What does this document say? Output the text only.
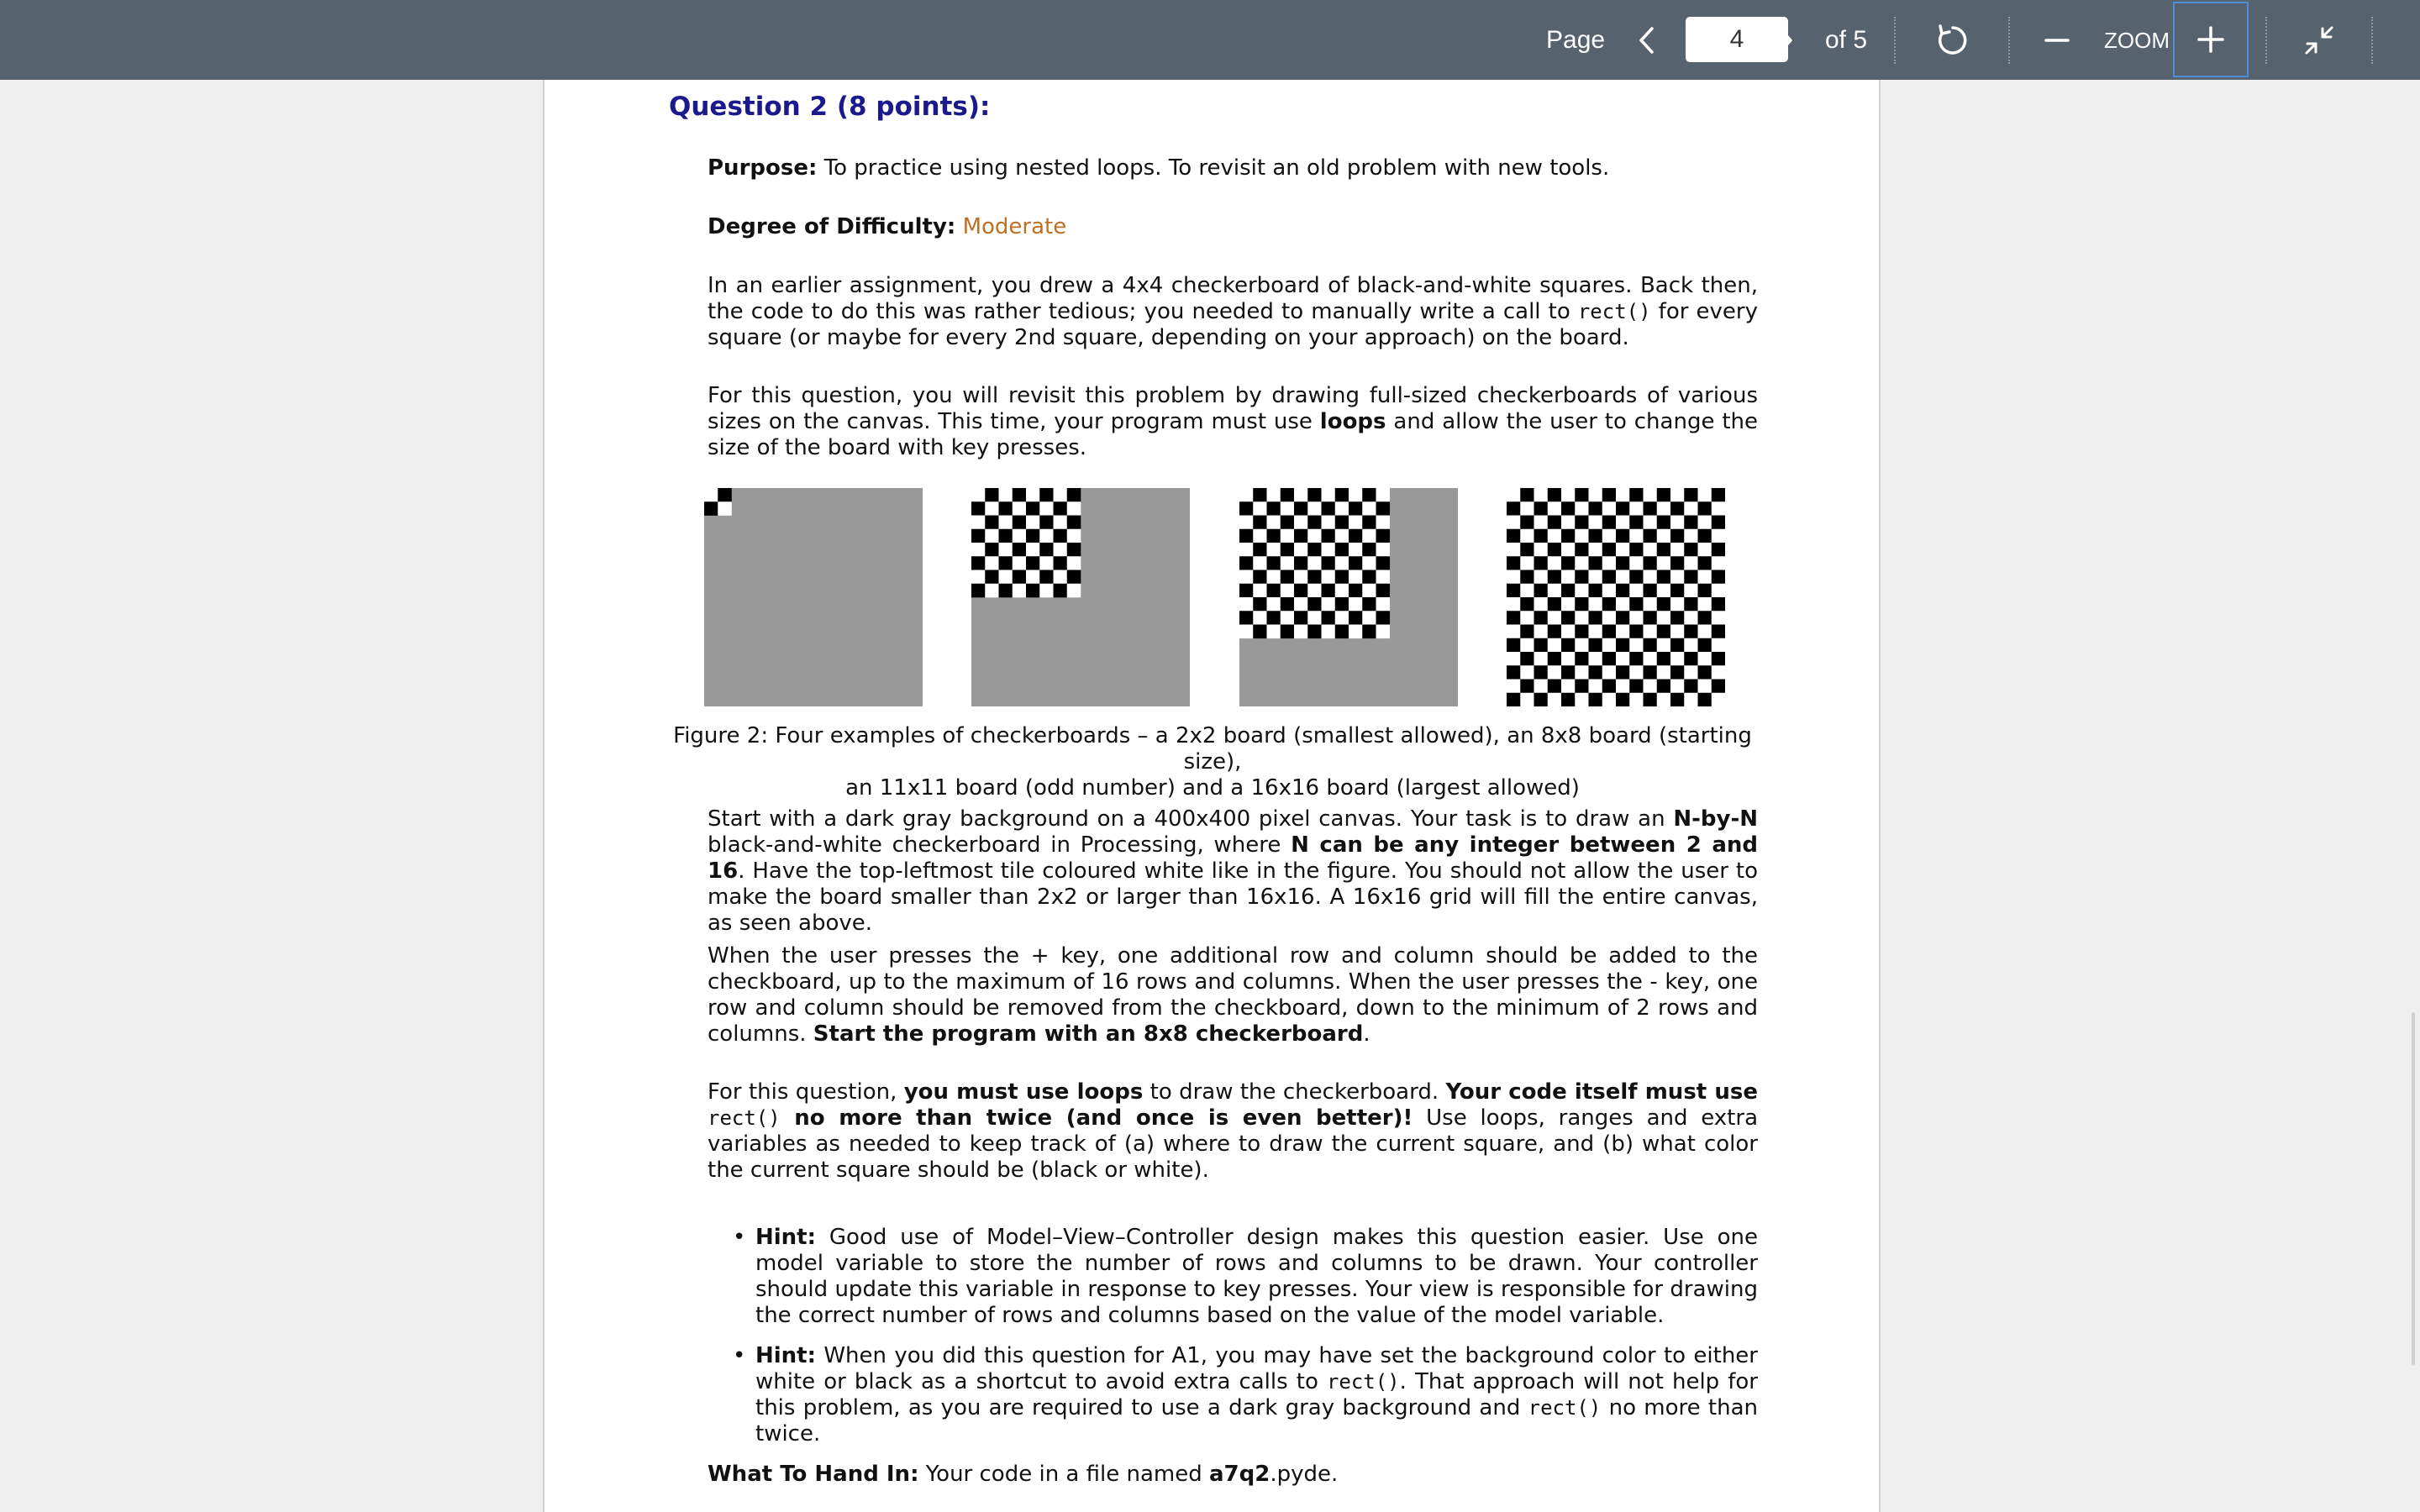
Page	4	of 5	ZOOM
Question 2 (8 points):

Purpose: To practice using nested loops. To revisit an old problem with new tools.

Degree of Difficulty: Moderate

In an earlier assignment, you drew a 4x4 checkerboard of black-and-white squares. Back then, the code to do this was rather tedious; you needed to manually write a call to rect() for every square (or maybe for every 2nd square, depending on your approach) on the board.

For this question, you will revisit this problem by drawing full-sized checkerboards of various sizes on the canvas. This time, your program must use loops and allow the user to change the size of the board with key presses.

Figure 2: Four examples of checkerboards – a 2x2 board (smallest allowed), an 8x8 board (starting size),
an 11x11 board (odd number) and a 16x16 board (largest allowed)

Start with a dark gray background on a 400x400 pixel canvas. Your task is to draw an N-by-N black-and-white checkerboard in Processing, where N can be any integer between 2 and 16. Have the top-leftmost tile coloured white like in the figure. You should not allow the user to make the board smaller than 2x2 or larger than 16x16. A 16x16 grid will fill the entire canvas, as seen above.

When the user presses the + key, one additional row and column should be added to the checkboard, up to the maximum of 16 rows and columns. When the user presses the - key, one row and column should be removed from the checkboard, down to the minimum of 2 rows and columns. Start the program with an 8x8 checkerboard.

For this question, you must use loops to draw the checkerboard. Your code itself must use rect() no more than twice (and once is even better)! Use loops, ranges and extra variables as needed to keep track of (a) where to draw the current square, and (b) what color the current square should be (black or white).

• Hint: Good use of Model–View–Controller design makes this question easier. Use one model variable to store the number of rows and columns to be drawn. Your controller should update this variable in response to key presses. Your view is responsible for drawing the correct number of rows and columns based on the value of the model variable.
• Hint: When you did this question for A1, you may have set the background color to either white or black as a shortcut to avoid extra calls to rect(). That approach will not help for this problem, as you are required to use a dark gray background and rect() no more than twice.

What To Hand In: Your code in a file named a7q2.pyde.
